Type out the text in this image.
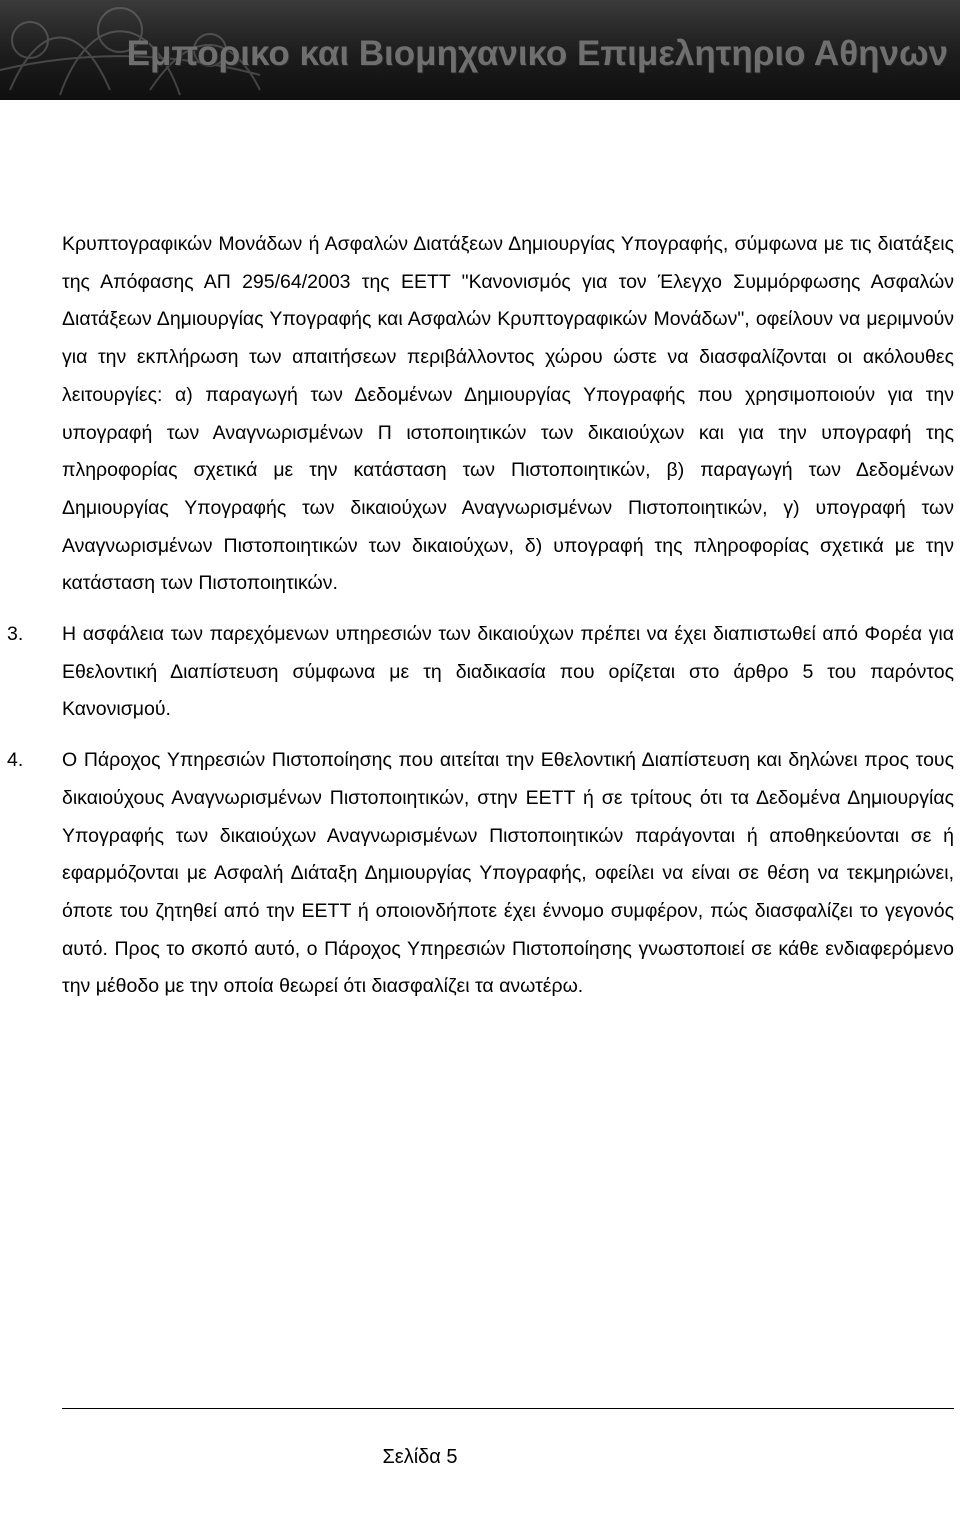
Εμπορικο και Βιομηχανικο Επιμελητηριο Αθηνων

Κρυπτογραφικών Μονάδων ή Ασφαλών Διατάξεων Δημιουργίας Υπογραφής, σύμφωνα με τις διατάξεις της Απόφασης ΑΠ 295/64/2003 της ΕΕΤΤ "Κανονισμός για τον Έλεγχο Συμμόρφωσης Ασφαλών Διατάξεων Δημιουργίας Υπογραφής και Ασφαλών Κρυπτογραφικών Μονάδων", οφείλουν να μεριμνούν για την εκπλήρωση των απαιτήσεων περιβάλλοντος χώρου ώστε να διασφαλίζονται οι ακόλουθες λειτουργίες: α) παραγωγή των Δεδομένων Δημιουργίας Υπογραφής που χρησιμοποιούν για την υπογραφή των Αναγνωρισμένων Π ιστοποιητικών των δικαιούχων και για την υπογραφή της πληροφορίας σχετικά με την κατάσταση των Πιστοποιητικών, β) παραγωγή των Δεδομένων Δημιουργίας Υπογραφής των δικαιούχων Αναγνωρισμένων Πιστοποιητικών, γ) υπογραφή των Αναγνωρισμένων Πιστοποιητικών των δικαιούχων, δ) υπογραφή της πληροφορίας σχετικά με την κατάσταση των Πιστοποιητικών.

3. Η ασφάλεια των παρεχόμενων υπηρεσιών των δικαιούχων πρέπει να έχει διαπιστωθεί από Φορέα για Εθελοντική Διαπίστευση σύμφωνα με τη διαδικασία που ορίζεται στο άρθρο 5 του παρόντος Κανονισμού.

4. Ο Πάροχος Υπηρεσιών Πιστοποίησης που αιτείται την Εθελοντική Διαπίστευση και δηλώνει προς τους δικαιούχους Αναγνωρισμένων Πιστοποιητικών, στην ΕΕΤΤ ή σε τρίτους ότι τα Δεδομένα Δημιουργίας Υπογραφής των δικαιούχων Αναγνωρισμένων Πιστοποιητικών παράγονται ή αποθηκεύονται σε ή εφαρμόζονται με Ασφαλή Διάταξη Δημιουργίας Υπογραφής, οφείλει να είναι σε θέση να τεκμηριώνει, όποτε του ζητηθεί από την ΕΕΤΤ ή οποιονδήποτε έχει έννομο συμφέρον, πώς διασφαλίζει το γεγονός αυτό. Προς το σκοπό αυτό, ο Πάροχος Υπηρεσιών Πιστοποίησης γνωστοποιεί σε κάθε ενδιαφερόμενο την μέθοδο με την οποία θεωρεί ότι διασφαλίζει τα ανωτέρω.

Σελίδα 5
